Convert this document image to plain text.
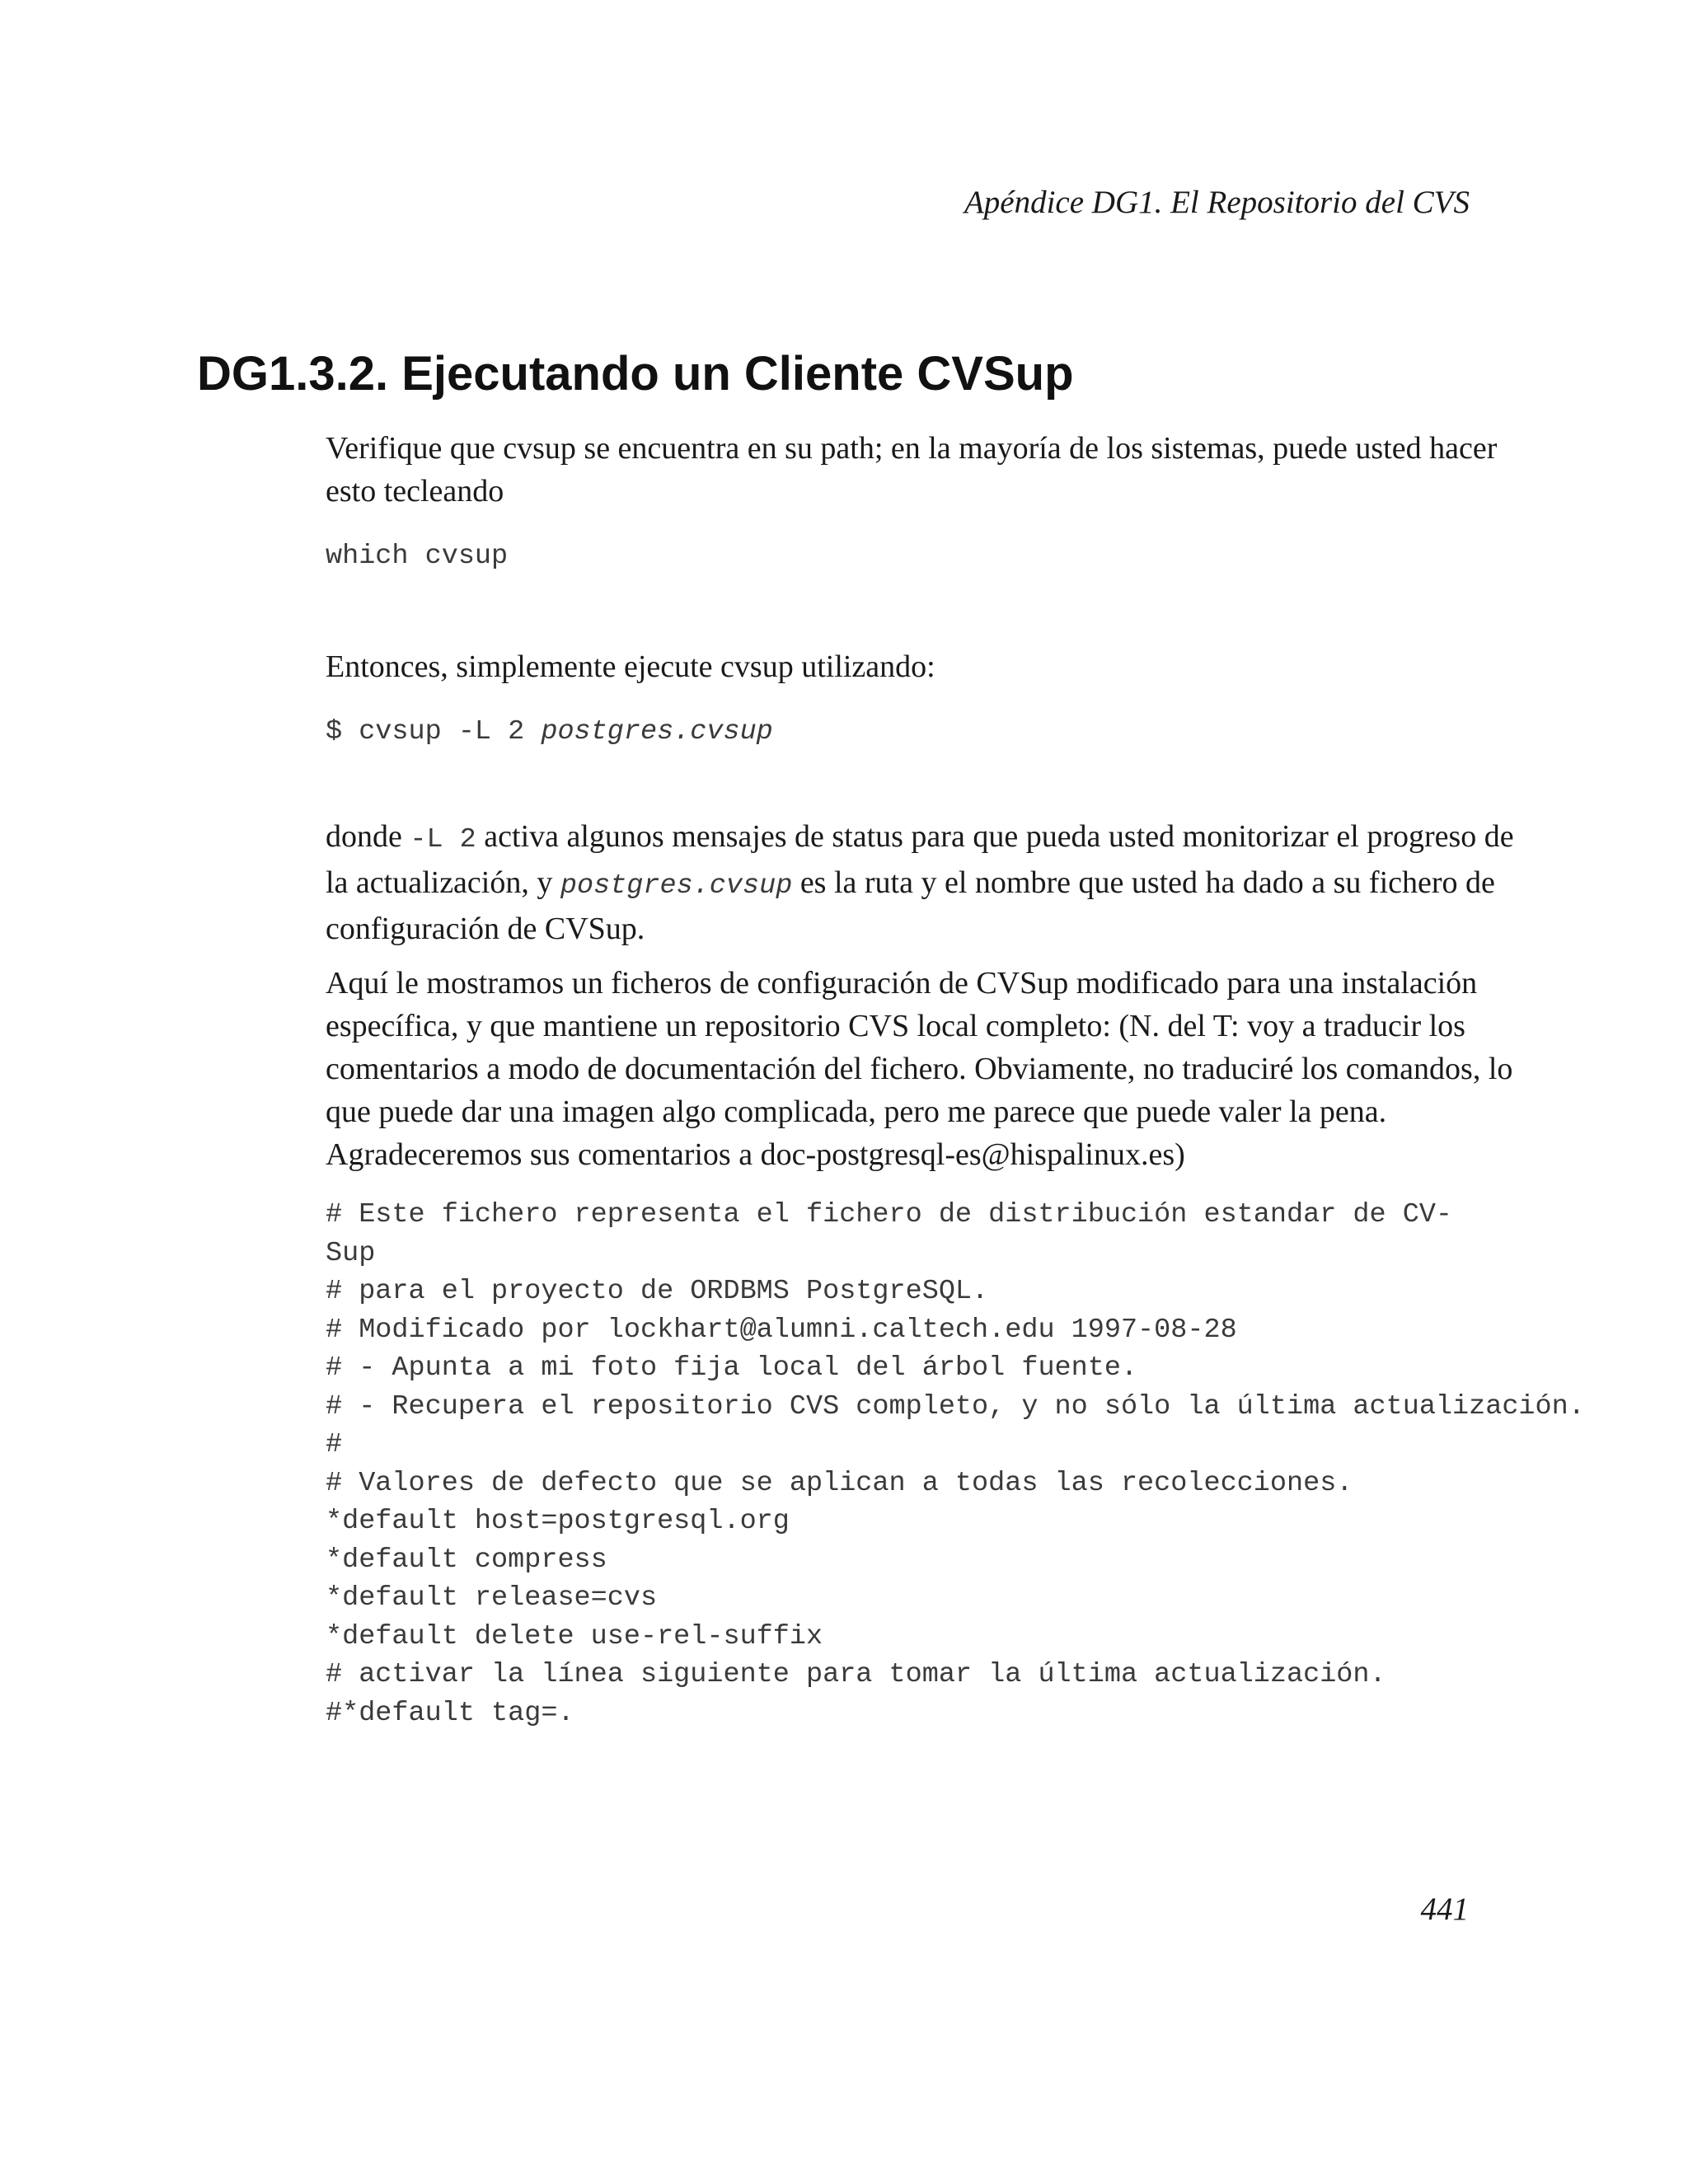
Apéndice DG1. El Repositorio del CVS
DG1.3.2. Ejecutando un Cliente CVSup

Verifique que cvsup se encuentra en su path; en la mayoría de los sistemas, puede usted hacer esto tecleando

which cvsup

Entonces, simplemente ejecute cvsup utilizando:

$ cvsup -L 2 postgres.cvsup

donde -L 2 activa algunos mensajes de status para que pueda usted monitorizar el progreso de la actualización, y postgres.cvsup es la ruta y el nombre que usted ha dado a su fichero de configuración de CVSup.

Aquí le mostramos un ficheros de configuración de CVSup modificado para una instalación específica, y que mantiene un repositorio CVS local completo: (N. del T: voy a traducir los comentarios a modo de documentación del fichero. Obviamente, no traduciré los comandos, lo que puede dar una imagen algo complicada, pero me parece que puede valer la pena. Agradeceremos sus comentarios a doc-postgresql-es@hispalinux.es)

# Este fichero representa el fichero de distribución estandar de CV-
Sup
# para el proyecto de ORDBMS PostgreSQL.
# Modificado por lockhart@alumni.caltech.edu 1997-08-28
# - Apunta a mi foto fija local del árbol fuente.
# - Recupera el repositorio CVS completo, y no sólo la última actualización.
#
# Valores de defecto que se aplican a todas las recolecciones.
*default host=postgresql.org
*default compress
*default release=cvs
*default delete use-rel-suffix
# activar la línea siguiente para tomar la última actualización.
#*default tag=.
441
